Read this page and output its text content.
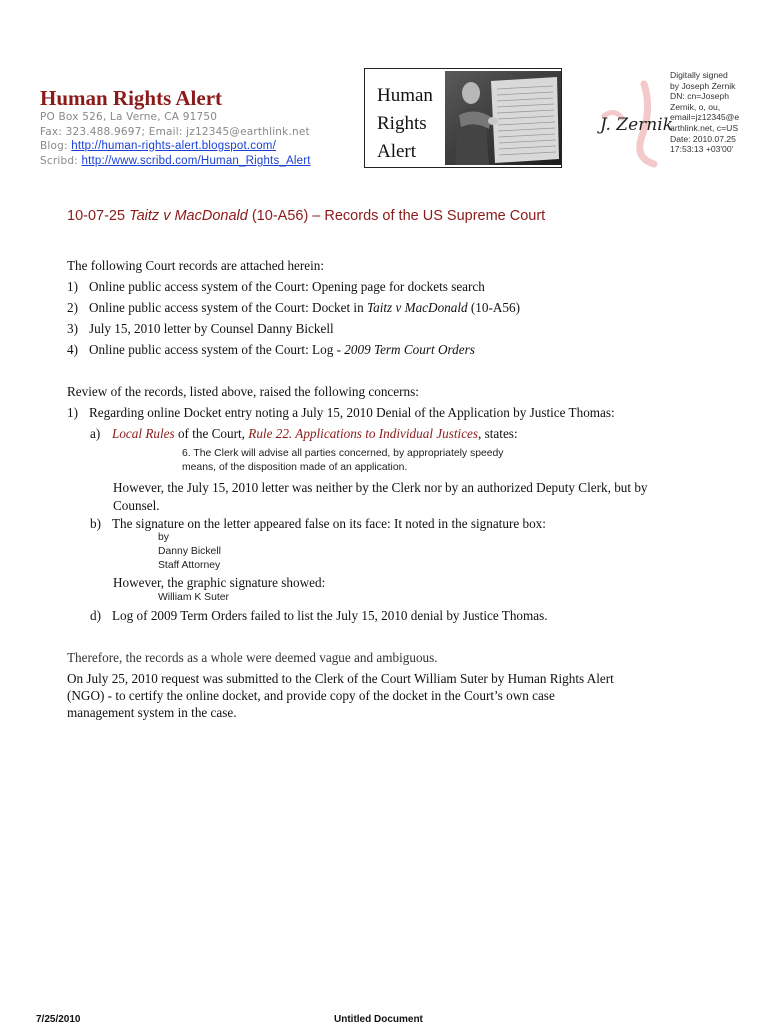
Human Rights Alert
PO Box 526, La Verne, CA 91750
Fax: 323.488.9697; Email: jz12345@earthlink.net
Blog: http://human-rights-alert.blogspot.com/
Scribd: http://www.scribd.com/Human_Rights_Alert
Human
Rights
Alert
J. Zernik
Digitally signed
by Joseph Zernik
DN: cn=Joseph
Zernik, o, ou,
email=jz12345@e
arthlink.net, c=US
Date: 2010.07.25
17:53:13 +03'00'
10-07-25 Taitz v MacDonald (10-A56) – Records of the US Supreme Court
The following Court records are attached herein:
1) Online public access system of the Court: Opening page for dockets search
2) Online public access system of the Court: Docket in Taitz v MacDonald (10-A56)
3) July 15, 2010 letter by Counsel Danny Bickell
4) Online public access system of the Court: Log - 2009 Term Court Orders
Review of the records, listed above, raised the following concerns:
1) Regarding online Docket entry noting a July 15, 2010 Denial of the Application by Justice Thomas:
a) Local Rules of the Court, Rule 22. Applications to Individual Justices, states:
6. The Clerk will advise all parties concerned, by appropriately speedy
means, of the disposition made of an application.
However, the July 15, 2010 letter was neither by the Clerk nor by an authorized Deputy Clerk, but by
Counsel.
b) The signature on the letter appeared false on its face: It noted in the signature box:
by
Danny Bickell
Staff Attorney
However, the graphic signature showed:
William K Suter
d) Log of 2009 Term Orders failed to list the July 15, 2010 denial by Justice Thomas.
Therefore, the records as a whole were deemed vague and ambiguous.
On July 25, 2010 request was submitted to the Clerk of the Court William Suter by Human Rights Alert
(NGO) - to certify the online docket, and provide copy of the docket in the Court’s own case
management system in the case.
7/25/2010	Untitled Document
